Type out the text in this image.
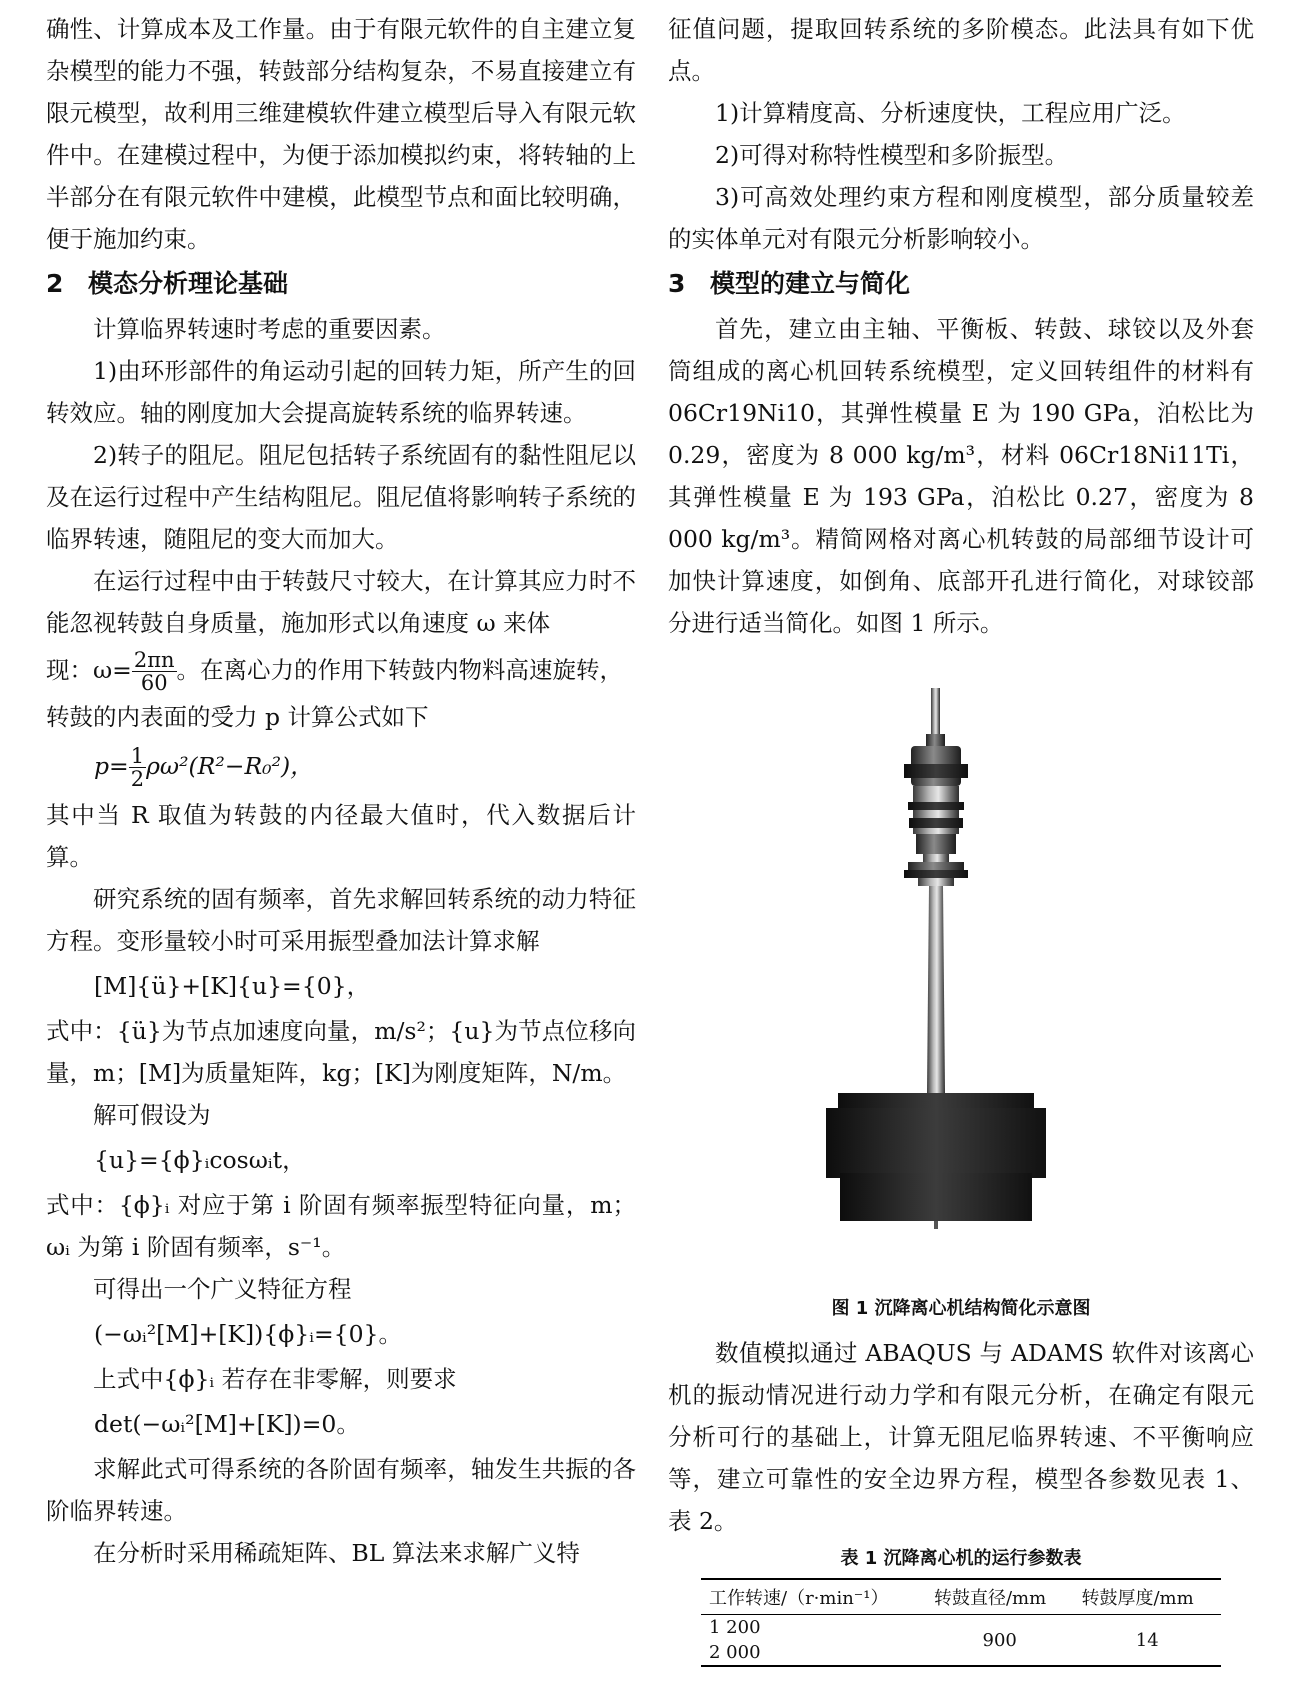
确性、计算成本及工作量。由于有限元软件的自主建立复杂模型的能力不强，转鼓部分结构复杂，不易直接建立有限元模型，故利用三维建模软件建立模型后导入有限元软件中。在建模过程中，为便于添加模拟约束，将转轴的上半部分在有限元软件中建模，此模型节点和面比较明确，便于施加约束。

2 模态分析理论基础

计算临界转速时考虑的重要因素。

1)由环形部件的角运动引起的回转力矩，所产生的回转效应。轴的刚度加大会提高旋转系统的临界转速。

2)转子的阻尼。阻尼包括转子系统固有的黏性阻尼以及在运行过程中产生结构阻尼。阻尼值将影响转子系统的临界转速，随阻尼的变大而加大。

在运行过程中由于转鼓尺寸较大，在计算其应力时不能忽视转鼓自身质量，施加形式以角速度 ω 来体

现：$\omega= \frac{2\pi n}{60}$ 。在离心力的作用下转鼓内物料高速旋转，

转鼓的内表面的受力 p 计算公式如下

$p= \frac{1}{2} \rho\omega^2(R^2-R_0^2)$，

其中当 R 取值为转鼓的内径最大值时，代入数据后计算。

研究系统的固有频率，首先求解回转系统的动力特征方程。变形量较小时可采用振型叠加法计算求解

[M]{ü}+[K]{u}={0}，

式中：{ü}为节点加速度向量，m/s²；{u}为节点位移向量，m；[M]为质量矩阵，kg；[K]为刚度矩阵，N/m。

解可假设为

{u}={ϕ}ᵢcosωᵢt，

式中：{ϕ}ᵢ 对应于第 i 阶固有频率振型特征向量，m；ωᵢ 为第 i 阶固有频率，s⁻¹。

可得出一个广义特征方程

(−ωᵢ²[M]+[K]){ϕ}ᵢ={0}。

上式中{ϕ}ᵢ 若存在非零解，则要求

det(−ωᵢ²[M]+[K])=0。

求解此式可得系统的各阶固有频率，轴发生共振的各阶临界转速。

在分析时采用稀疏矩阵、BL 算法来求解广义特

征值问题，提取回转系统的多阶模态。此法具有如下优点。

1)计算精度高、分析速度快，工程应用广泛。

2)可得对称特性模型和多阶振型。

3)可高效处理约束方程和刚度模型，部分质量较差的实体单元对有限元分析影响较小。

3 模型的建立与简化

首先，建立由主轴、平衡板、转鼓、球铰以及外套筒组成的离心机回转系统模型，定义回转组件的材料有 06Cr19Ni10，其弹性模量 E 为 190 GPa，泊松比为 0.29，密度为 8 000 kg/m³，材料 06Cr18Ni11Ti，其弹性模量 E 为 193 GPa，泊松比 0.27，密度为 8 000 kg/m³。精简网格对离心机转鼓的局部细节设计可加快计算速度，如倒角、底部开孔进行简化，对球铰部分进行适当简化。如图 1 所示。

图 1 沉降离心机结构简化示意图

数值模拟通过 ABAQUS 与 ADAMS 软件对该离心机的振动情况进行动力学和有限元分析，在确定有限元分析可行的基础上，计算无阻尼临界转速、不平衡响应等，建立可靠性的安全边界方程，模型各参数见表 1、表 2。

表 1 沉降离心机的运行参数表
工作转速/（r·min⁻¹）	转鼓直径/mm	转鼓厚度/mm
1 200	900	14
2 000		
